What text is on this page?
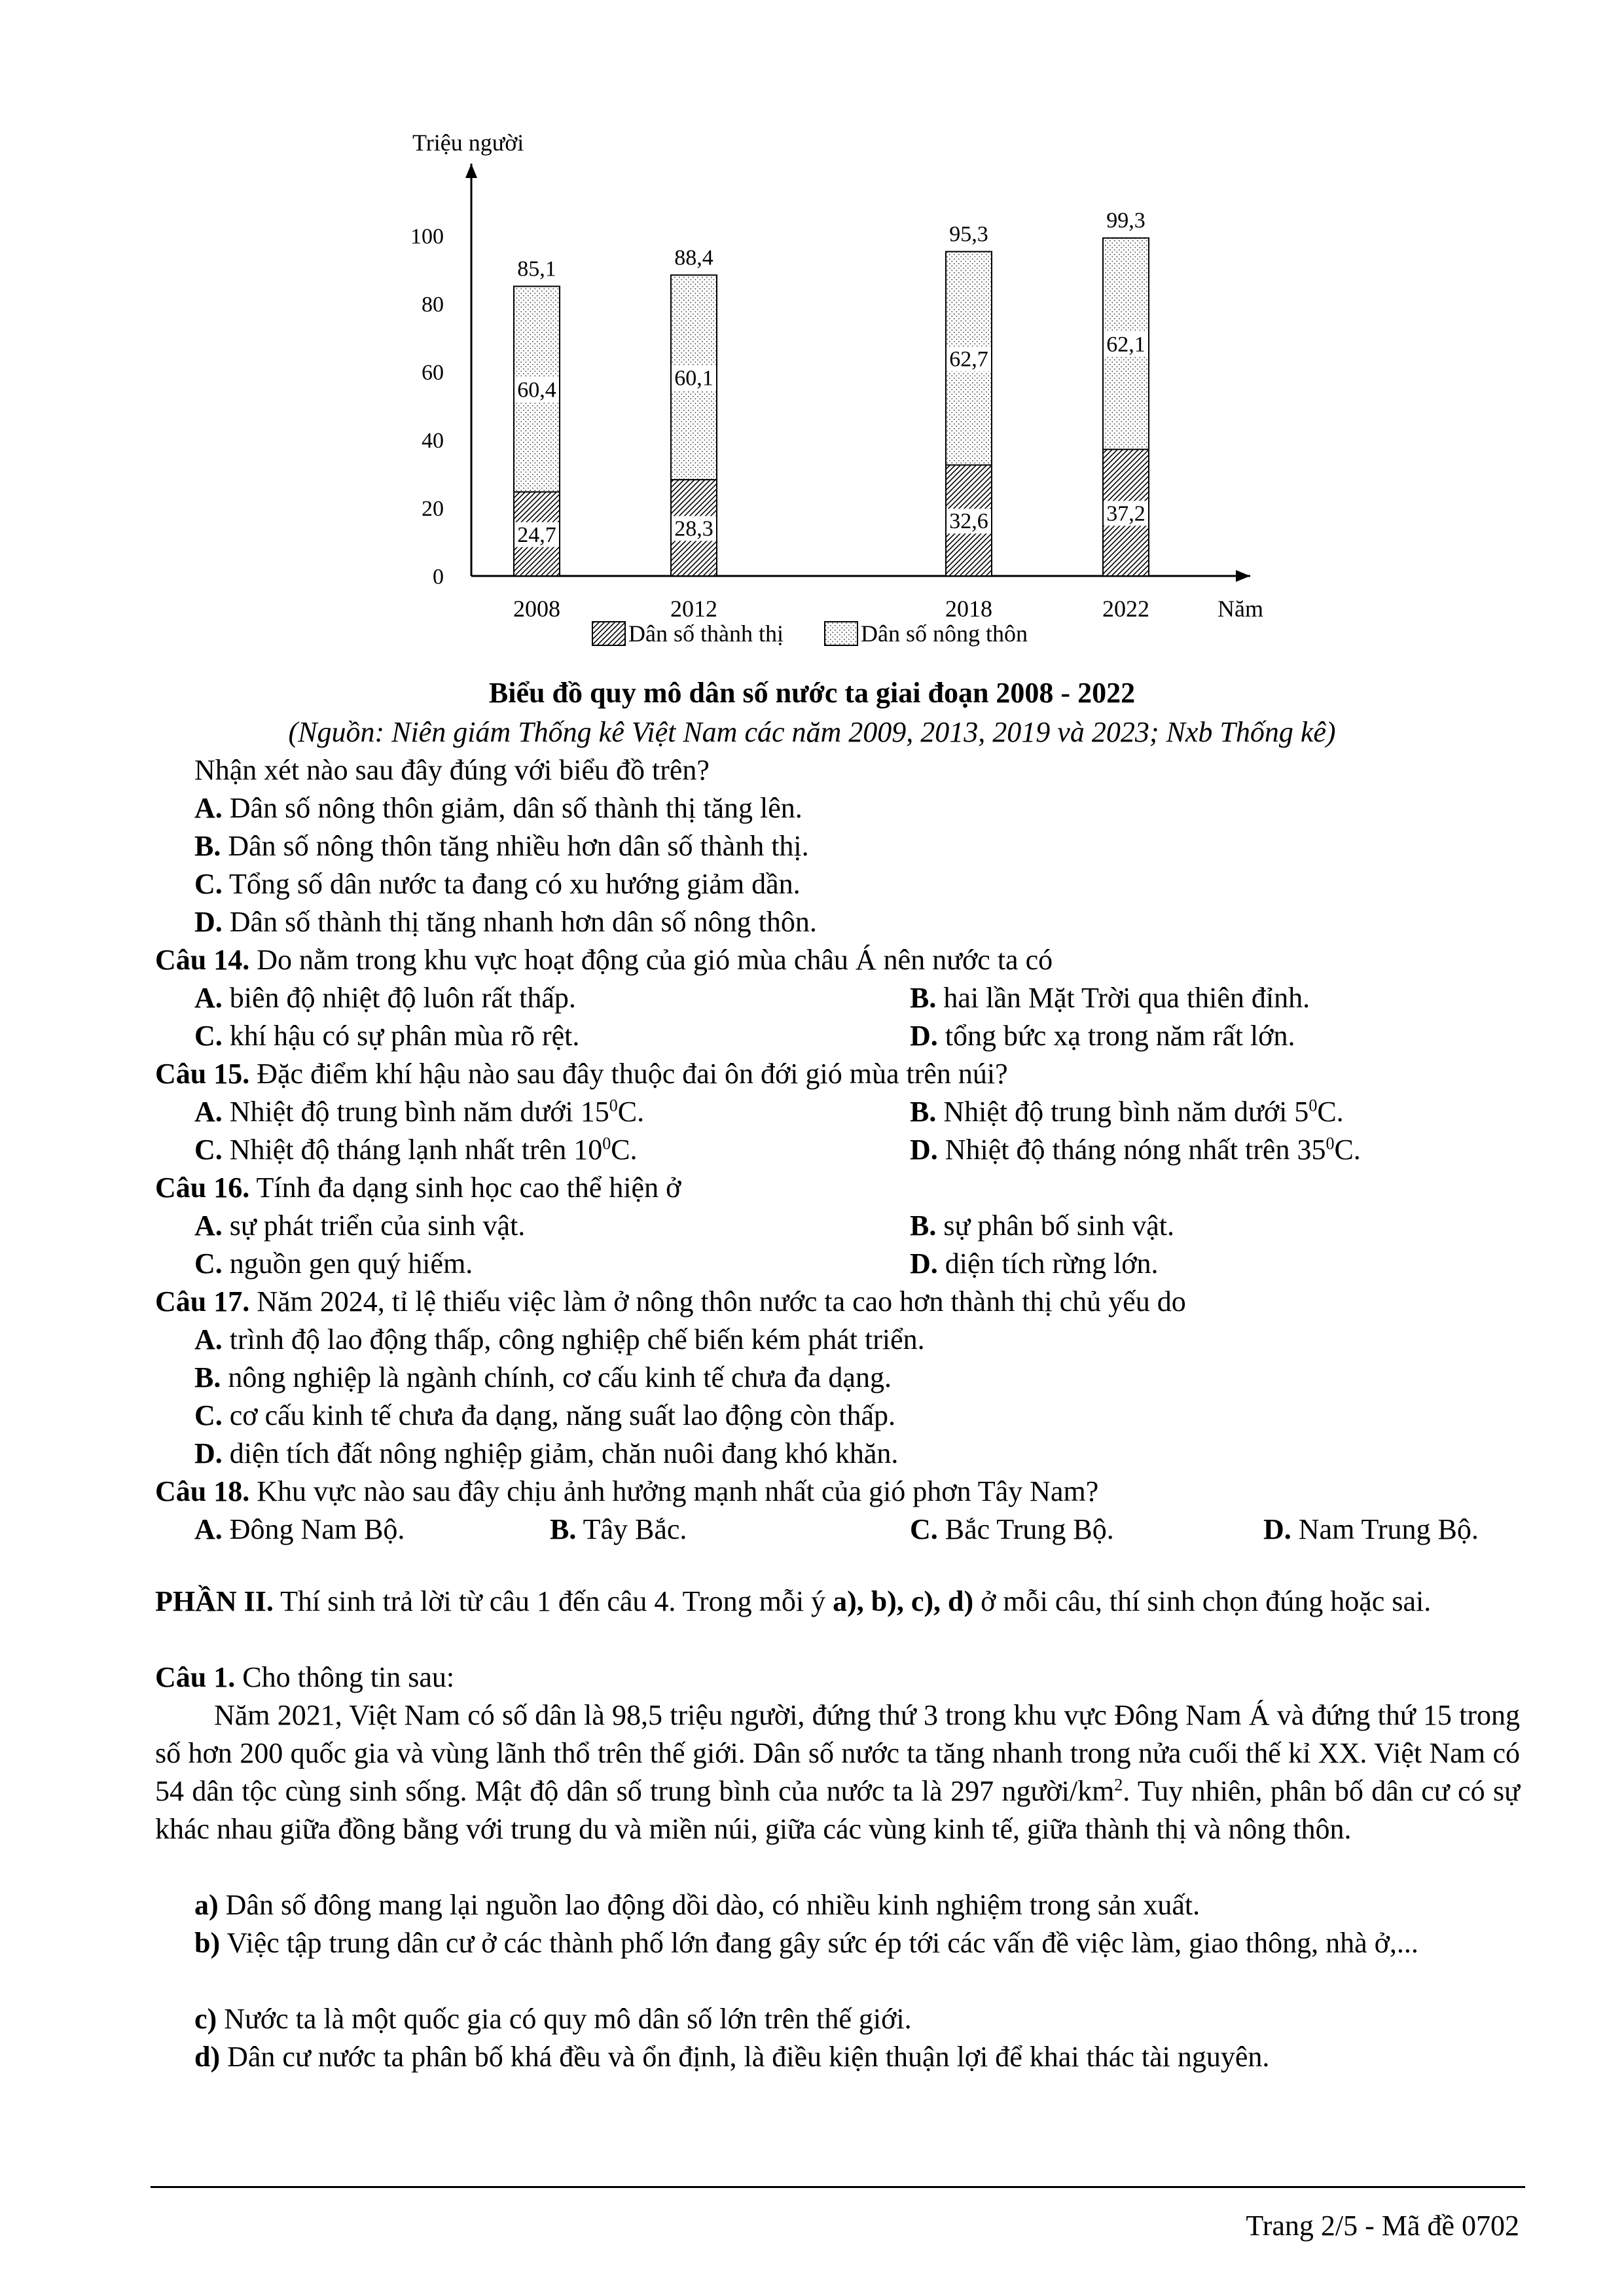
0
20
40
60
80
100
Triệu người
Năm
24,7
60,4
85,1
2008
28,3
60,1
88,4
2012
32,6
62,7
95,3
2018
37,2
62,1
99,3
2022
Dân số thành thị	Dân số nông thôn
Biểu đồ quy mô dân số nước ta giai đoạn 2008 - 2022
(Nguồn: Niên giám Thống kê Việt Nam các năm 2009, 2013, 2019 và 2023; Nxb Thống kê)
Nhận xét nào sau đây đúng với biểu đồ trên?
A. Dân số nông thôn giảm, dân số thành thị tăng lên.
B. Dân số nông thôn tăng nhiều hơn dân số thành thị.
C. Tổng số dân nước ta đang có xu hướng giảm dần.
D. Dân số thành thị tăng nhanh hơn dân số nông thôn.
Câu 14. Do nằm trong khu vực hoạt động của gió mùa châu Á nên nước ta có
A. biên độ nhiệt độ luôn rất thấp.	B. hai lần Mặt Trời qua thiên đỉnh.
C. khí hậu có sự phân mùa rõ rệt.	D. tổng bức xạ trong năm rất lớn.
Câu 15. Đặc điểm khí hậu nào sau đây thuộc đai ôn đới gió mùa trên núi?
A. Nhiệt độ trung bình năm dưới $15^0C$.	B. Nhiệt độ trung bình năm dưới $5^0C$.
C. Nhiệt độ tháng lạnh nhất trên $10^0C$.	D. Nhiệt độ tháng nóng nhất trên $35^0C$.
Câu 16. Tính đa dạng sinh học cao thể hiện ở
A. sự phát triển của sinh vật.	B. sự phân bố sinh vật.
C. nguồn gen quý hiếm.	D. diện tích rừng lớn.
Câu 17. Năm 2024, tỉ lệ thiếu việc làm ở nông thôn nước ta cao hơn thành thị chủ yếu do
A. trình độ lao động thấp, công nghiệp chế biến kém phát triển.
B. nông nghiệp là ngành chính, cơ cấu kinh tế chưa đa dạng.
C. cơ cấu kinh tế chưa đa dạng, năng suất lao động còn thấp.
D. diện tích đất nông nghiệp giảm, chăn nuôi đang khó khăn.
Câu 18. Khu vực nào sau đây chịu ảnh hưởng mạnh nhất của gió phơn Tây Nam?
A. Đông Nam Bộ.	B. Tây Bắc.	C. Bắc Trung Bộ.	D. Nam Trung Bộ.
PHẦN II. Thí sinh trả lời từ câu 1 đến câu 4. Trong mỗi ý a), b), c), d) ở mỗi câu, thí sinh chọn đúng hoặc sai.
Câu 1. Cho thông tin sau:
Năm 2021, Việt Nam có số dân là 98,5 triệu người, đứng thứ 3 trong khu vực Đông Nam Á và đứng thứ 15 trong số hơn 200 quốc gia và vùng lãnh thổ trên thế giới. Dân số nước ta tăng nhanh trong nửa cuối thế kỉ XX. Việt Nam có 54 dân tộc cùng sinh sống. Mật độ dân số trung bình của nước ta là 297 người/$km^2$. Tuy nhiên, phân bố dân cư có sự khác nhau giữa đồng bằng với trung du và miền núi, giữa các vùng kinh tế, giữa thành thị và nông thôn.
a) Dân số đông mang lại nguồn lao động dồi dào, có nhiều kinh nghiệm trong sản xuất.
b) Việc tập trung dân cư ở các thành phố lớn đang gây sức ép tới các vấn đề việc làm, giao thông, nhà ở,...
c) Nước ta là một quốc gia có quy mô dân số lớn trên thế giới.
d) Dân cư nước ta phân bố khá đều và ổn định, là điều kiện thuận lợi để khai thác tài nguyên.
Trang 2/5 - Mã đề 0702
